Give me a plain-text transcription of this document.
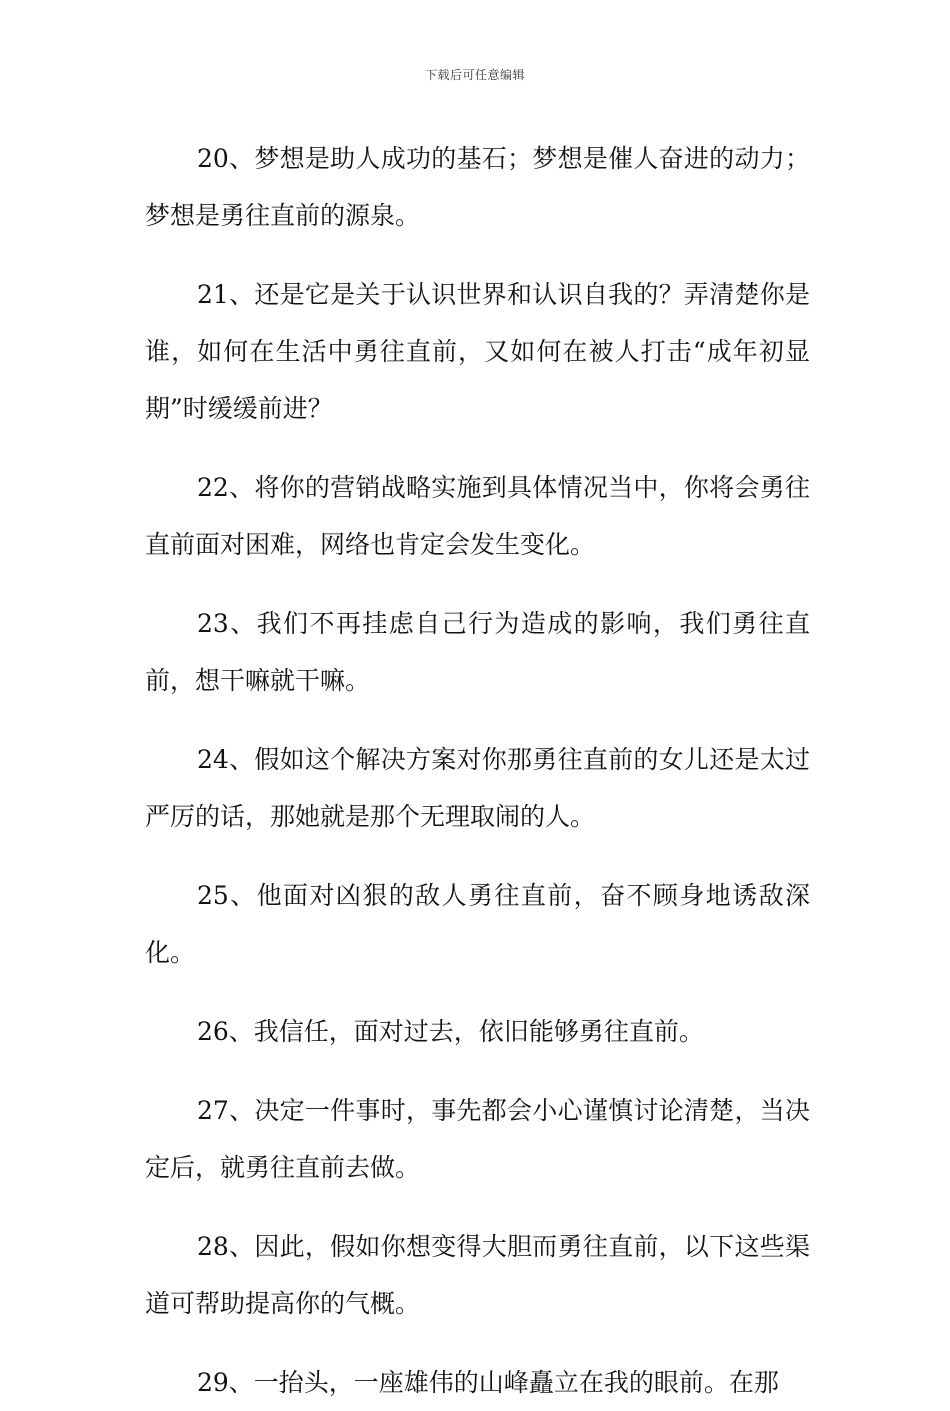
下载后可任意编辑

20、梦想是助人成功的基石；梦想是催人奋进的动力；梦想是勇往直前的源泉。

21、还是它是关于认识世界和认识自我的？弄清楚你是谁，如何在生活中勇往直前，又如何在被人打击“成年初显期”时缓缓前进？

22、将你的营销战略实施到具体情况当中，你将会勇往直前面对困难，网络也肯定会发生变化。

23、我们不再挂虑自己行为造成的影响，我们勇往直前，想干嘛就干嘛。

24、假如这个解决方案对你那勇往直前的女儿还是太过严厉的话，那她就是那个无理取闹的人。

25、他面对凶狠的敌人勇往直前，奋不顾身地诱敌深化。

26、我信任，面对过去，依旧能够勇往直前。

27、决定一件事时，事先都会小心谨慎讨论清楚，当决定后，就勇往直前去做。

28、因此，假如你想变得大胆而勇往直前，以下这些渠道可帮助提高你的气概。

29、一抬头，一座雄伟的山峰矗立在我的眼前。在那
